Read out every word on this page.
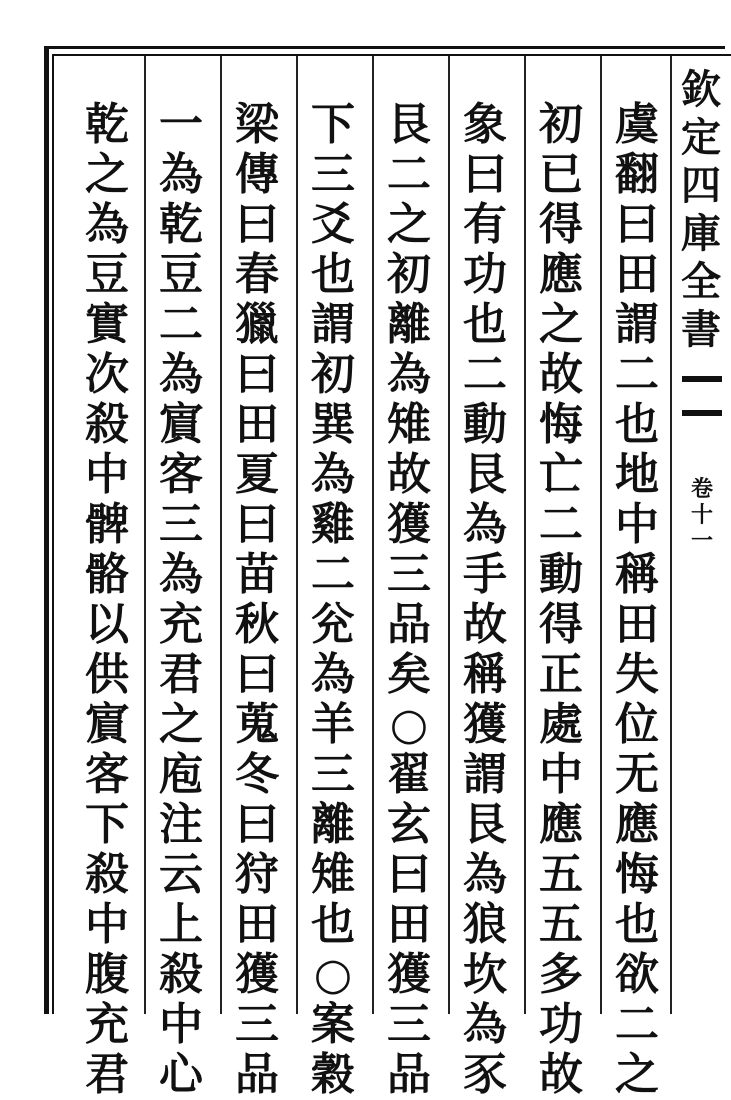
欽
定
四
庫
全
書
卷
十
一
虞
翻
曰
田
謂
二
也
地
中
稱
田
失
位
无
應
悔
也
欲
二
之
初
已
得
應
之
故
悔
亡
二
動
得
正
處
中
應
五
五
多
功
故
象
曰
有
功
也
二
動
艮
為
手
故
稱
獲
謂
艮
為
狼
坎
為
豕
艮
二
之
初
離
為
雉
故
獲
三
品
矣
○
翟
玄
曰
田
獲
三
品
下
三
爻
也
謂
初
巽
為
雞
二
兊
為
羊
三
離
雉
也
○
案
穀
梁
傳
曰
春
獵
曰
田
夏
曰
苗
秋
曰
蒐
冬
曰
狩
田
獲
三
品
一
為
乾
豆
二
為
賔
客
三
為
充
君
之
庖
注
云
上
殺
中
心
乾
之
為
豆
實
次
殺
中
髀
骼
以
供
賔
客
下
殺
中
腹
充
君
